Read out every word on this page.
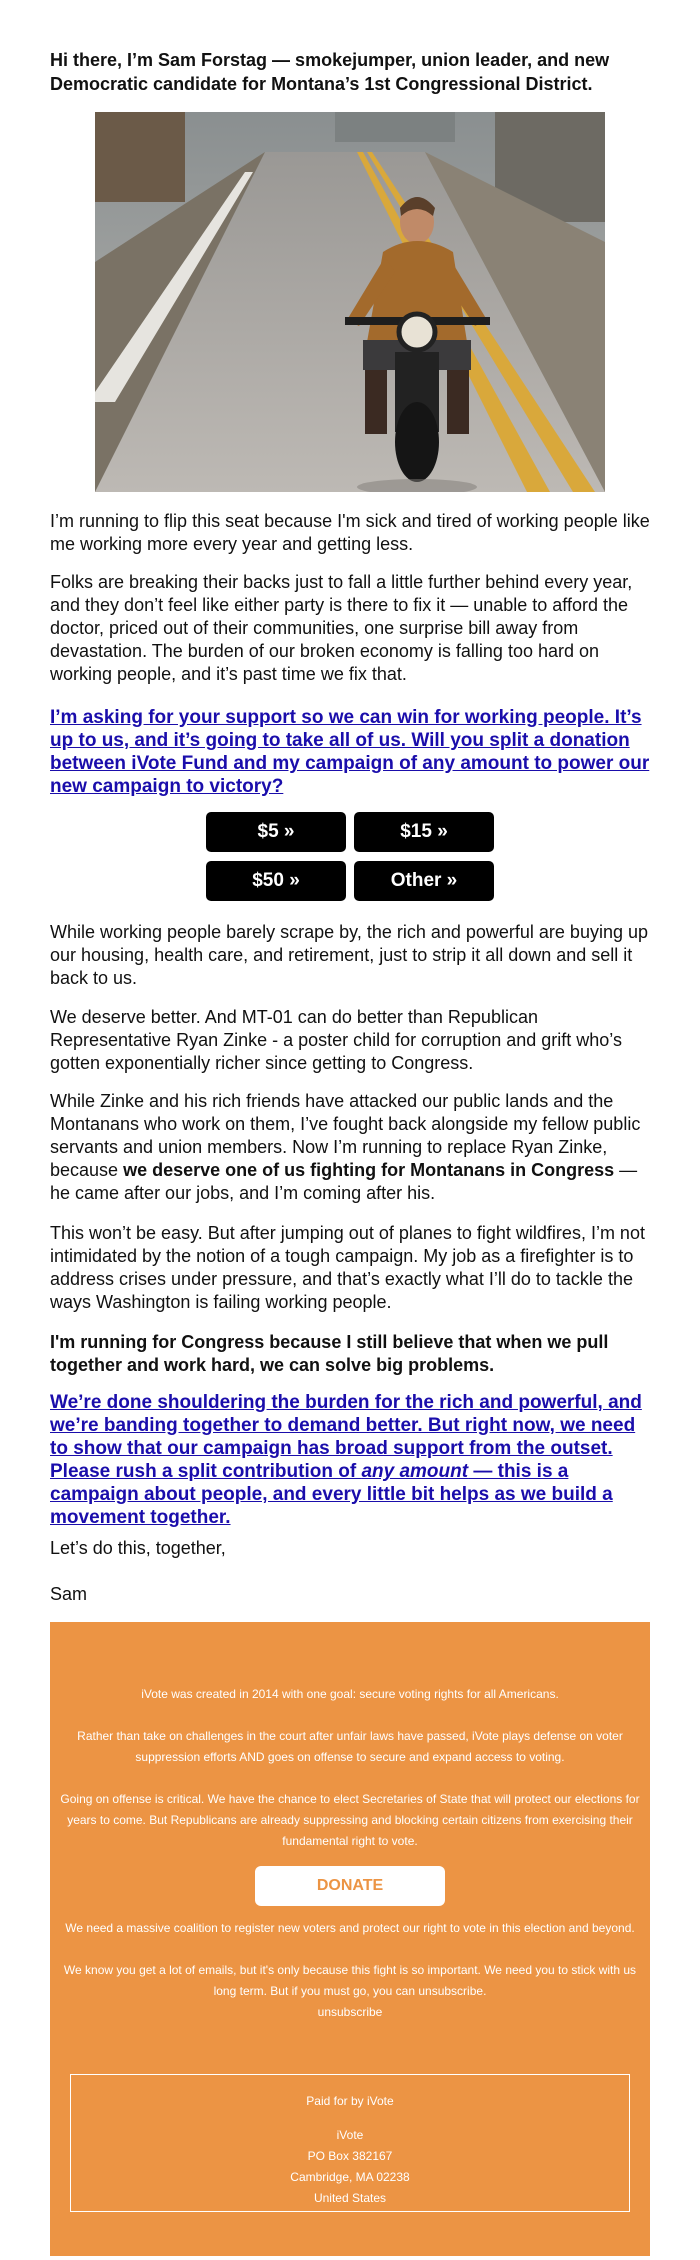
Hi there, I’m Sam Forstag — smokejumper, union leader, and new Democratic candidate for Montana’s 1st Congressional District.
I’m running to flip this seat because I'm sick and tired of working people like me working more every year and getting less.
Folks are breaking their backs just to fall a little further behind every year, and they don’t feel like either party is there to fix it — unable to afford the doctor, priced out of their communities, one surprise bill away from devastation. The burden of our broken economy is falling too hard on working people, and it’s past time we fix that.
I’m asking for your support so we can win for working people. It’s up to us, and it’s going to take all of us. Will you split a donation between iVote Fund and my campaign of any amount to power our new campaign to victory?
$5 »	$15 »
$50 »	Other »
While working people barely scrape by, the rich and powerful are buying up our housing, health care, and retirement, just to strip it all down and sell it back to us.
We deserve better. And MT-01 can do better than Republican Representative Ryan Zinke - a poster child for corruption and grift who’s gotten exponentially richer since getting to Congress.
While Zinke and his rich friends have attacked our public lands and the Montanans who work on them, I’ve fought back alongside my fellow public servants and union members. Now I’m running to replace Ryan Zinke, because we deserve one of us fighting for Montanans in Congress — he came after our jobs, and I’m coming after his.
This won’t be easy. But after jumping out of planes to fight wildfires, I’m not intimidated by the notion of a tough campaign. My job as a firefighter is to address crises under pressure, and that’s exactly what I’ll do to tackle the ways Washington is failing working people.
I'm running for Congress because I still believe that when we pull together and work hard, we can solve big problems.
We’re done shouldering the burden for the rich and powerful, and we’re banding together to demand better. But right now, we need to show that our campaign has broad support from the outset. Please rush a split contribution of any amount — this is a campaign about people, and every little bit helps as we build a movement together.
Let’s do this, together,
Sam
iVote was created in 2014 with one goal: secure voting rights for all Americans.
Rather than take on challenges in the court after unfair laws have passed, iVote plays defense on voter suppression efforts AND goes on offense to secure and expand access to voting.
Going on offense is critical. We have the chance to elect Secretaries of State that will protect our elections for years to come. But Republicans are already suppressing and blocking certain citizens from exercising their fundamental right to vote.
DONATE
We need a massive coalition to register new voters and protect our right to vote in this election and beyond.
We know you get a lot of emails, but it's only because this fight is so important. We need you to stick with us long term. But if you must go, you can unsubscribe.
unsubscribe
Paid for by iVote
iVote
PO Box 382167
Cambridge, MA 02238
United States
